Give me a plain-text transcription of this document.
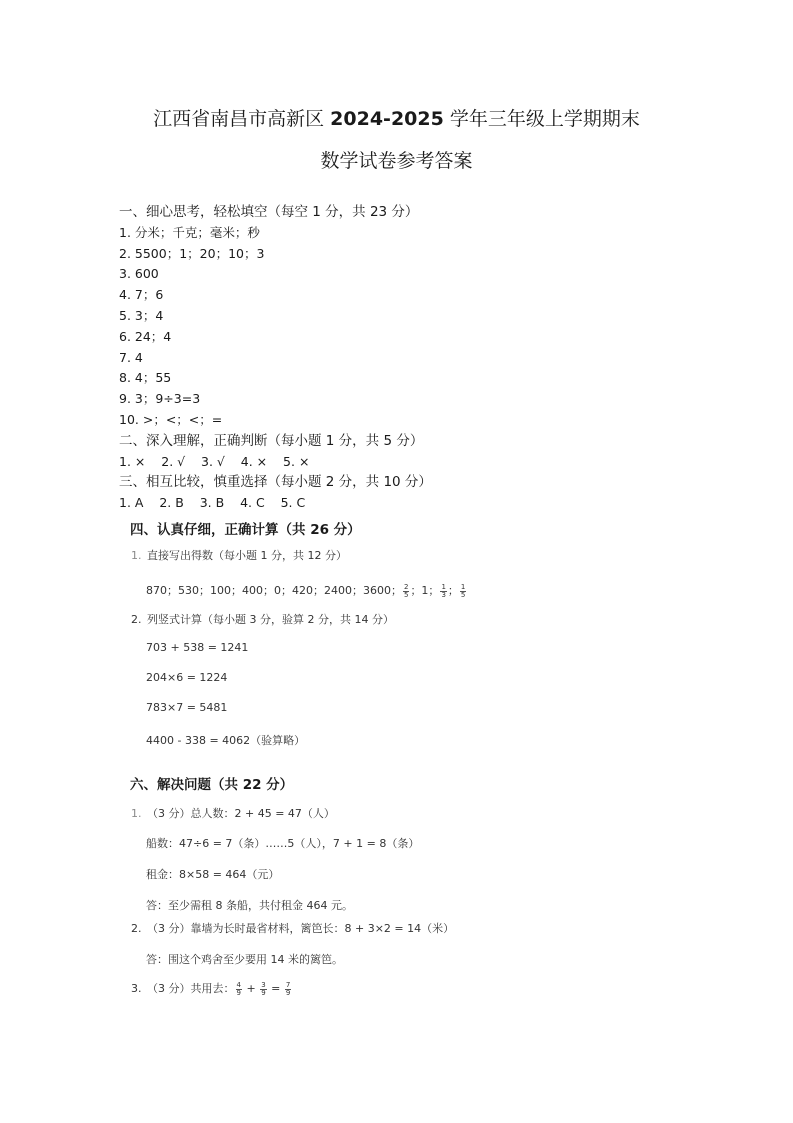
江西省南昌市高新区 2024-2025 学年三年级上学期期末
数学试卷参考答案
一、细心思考，轻松填空（每空 1 分，共 23 分）
1. 分米；千克；毫米；秒
2. 5500；1；20；10；3
3. 600
4. 7；6
5. 3；4
6. 24；4
7. 4
8. 4；55
9. 3；9÷3=3
10. >；<；<；=
二、深入理解，正确判断（每小题 1 分，共 5 分）
1. ×    2. √    3. √    4. ×    5. ×
三、相互比较，慎重选择（每小题 2 分，共 10 分）
1. A    2. B    3. B    4. C    5. C
四、认真仔细，正确计算（共 26 分）
1. 直接写出得数（每小题 1 分，共 12 分）
870；530；100；400；0；420；2400；3600； $\frac{2}{5}$ ；1； $\frac{1}{3}$ ； $\frac{1}{5}$
2. 列竖式计算（每小题 3 分，验算 2 分，共 14 分）
703 + 538 = 1241
204×6 = 1224
783×7 = 5481
4400 - 338 = 4062（验算略）
六、解决问题（共 22 分）
1. （3 分）总人数：2 + 45 = 47（人）
船数：47÷6 = 7（条）……5（人），7 + 1 = 8（条）
租金：8×58 = 464（元）
答：至少需租 8 条船，共付租金 464 元。
2. （3 分）靠墙为长时最省材料，篱笆长：8 + 3×2 = 14（米）
答：围这个鸡舍至少要用 14 米的篱笆。
3. （3 分）共用去： $\frac{4}{9} + \frac{3}{9} = \frac{7}{9}$
